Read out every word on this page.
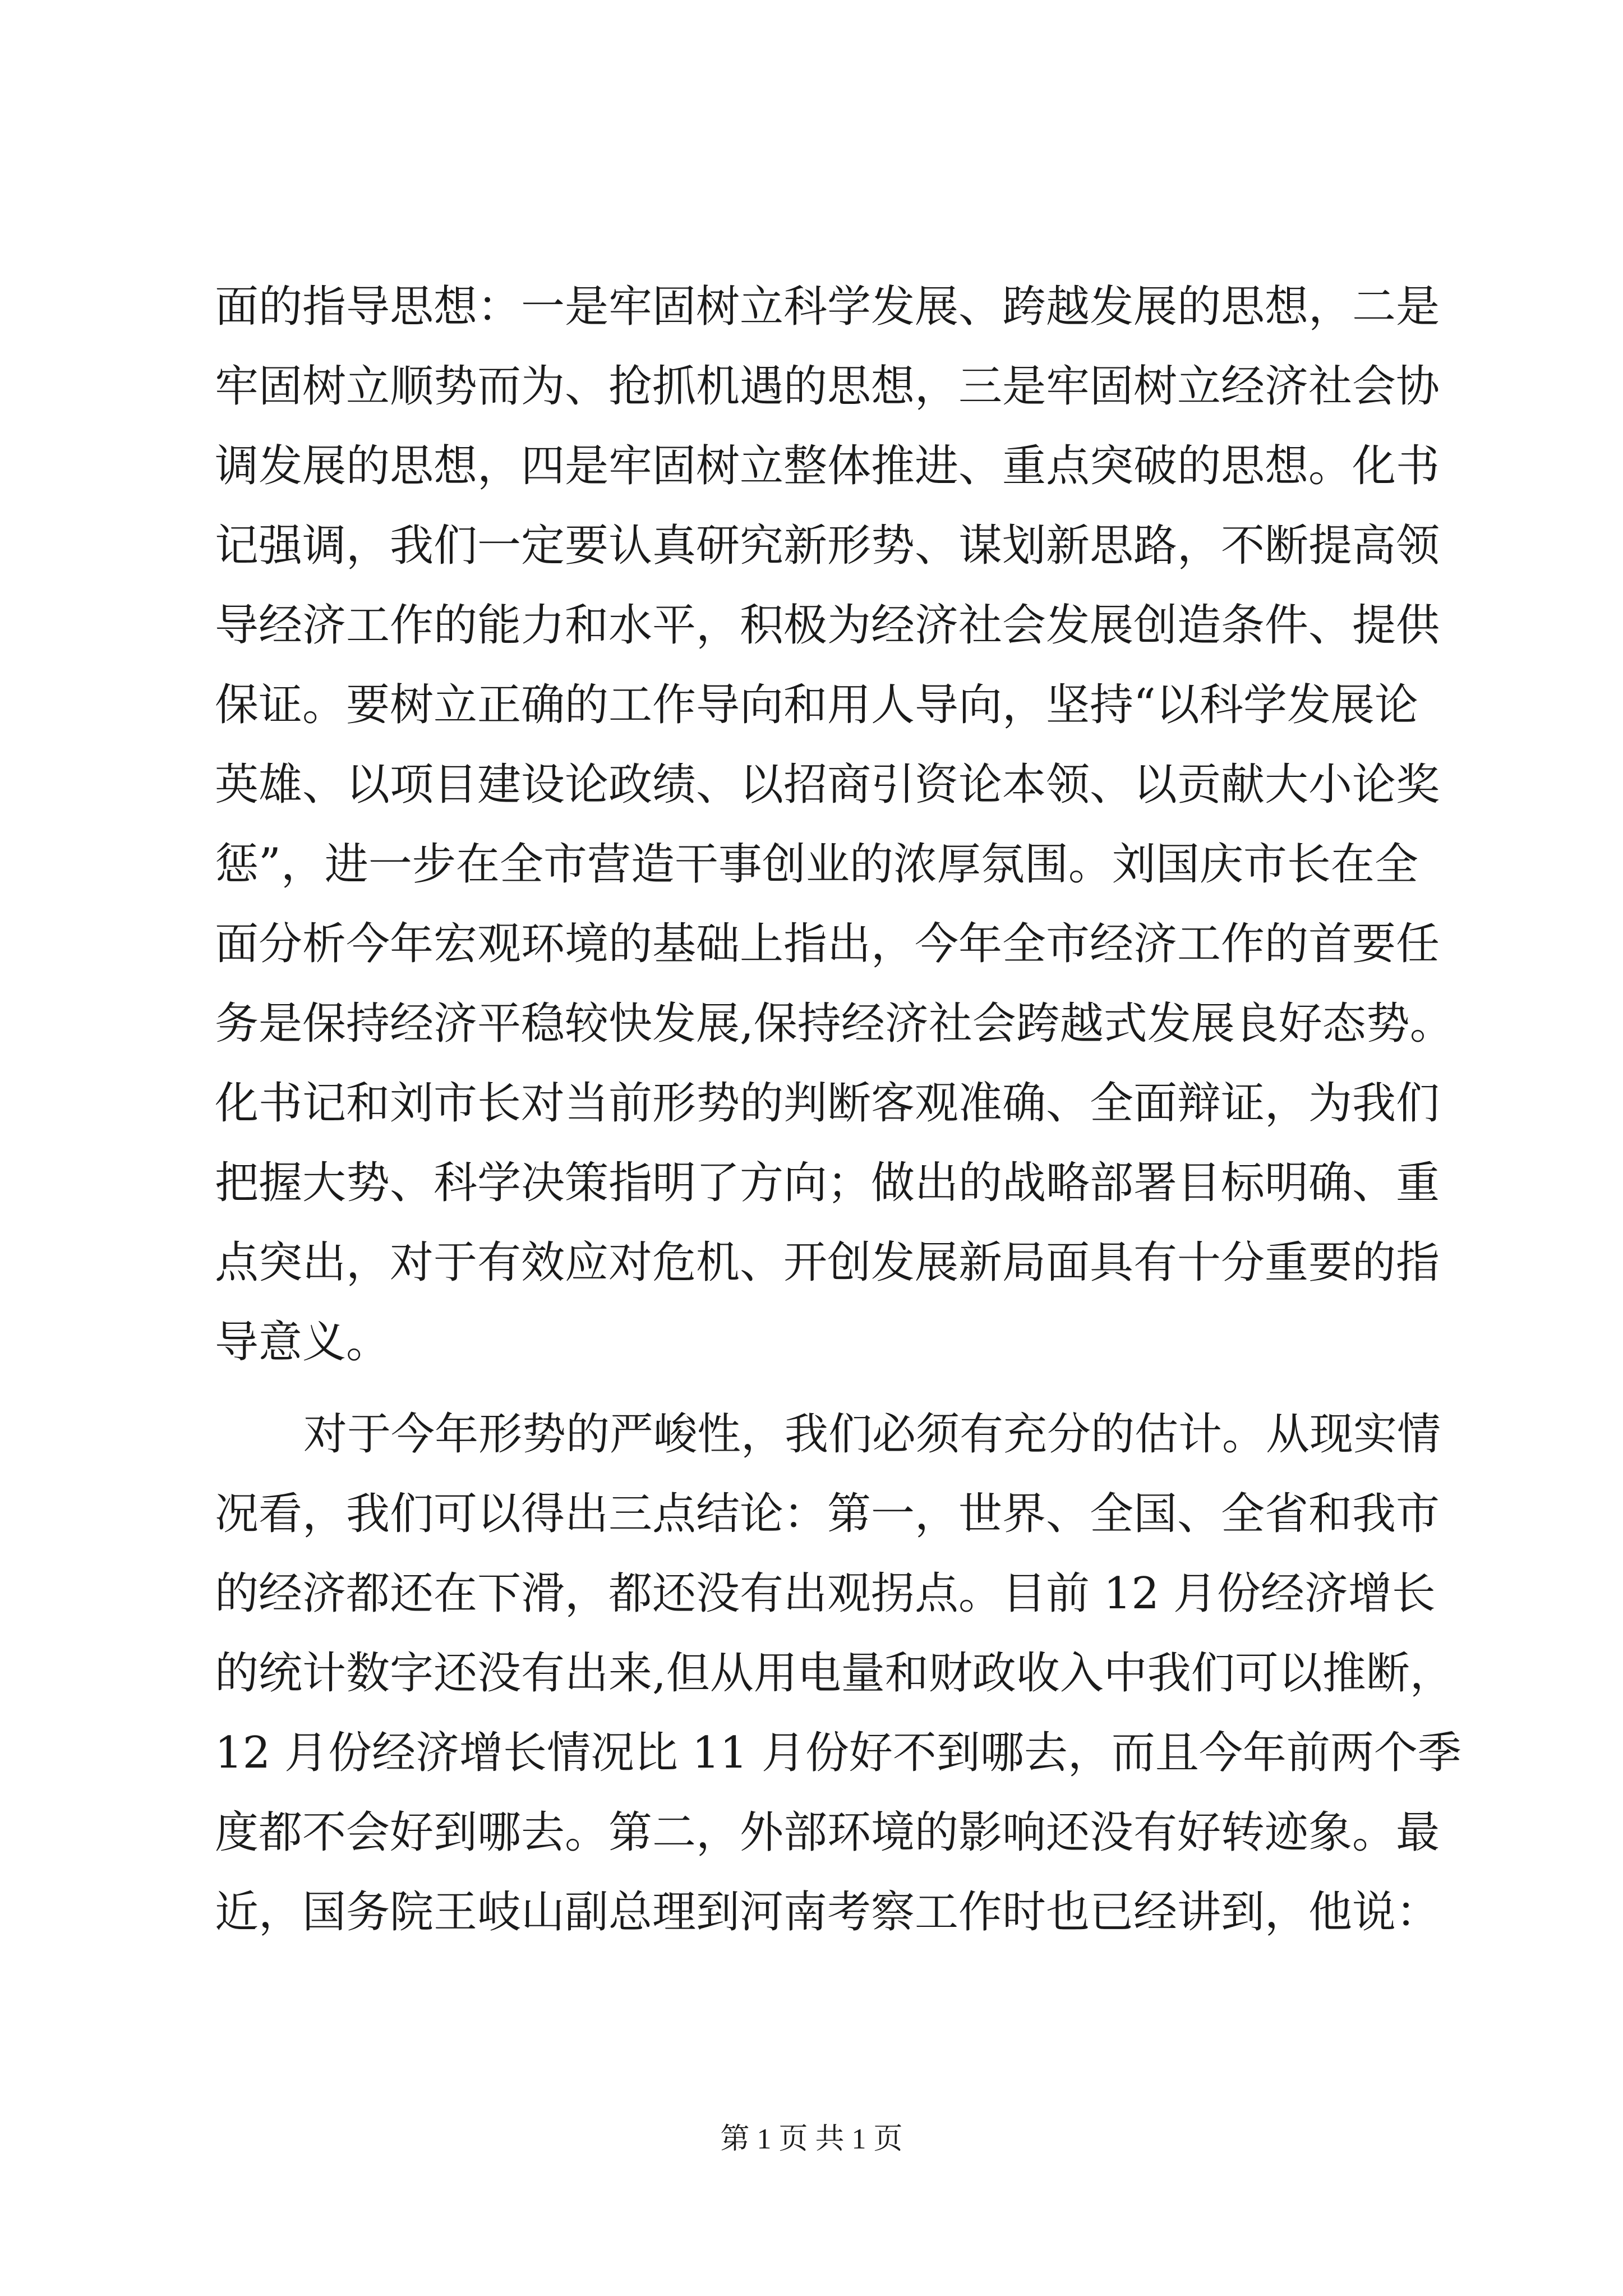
面的指导思想：一是牢固树立科学发展、跨越发展的思想，二是
牢固树立顺势而为、抢抓机遇的思想，三是牢固树立经济社会协
调发展的思想，四是牢固树立整体推进、重点突破的思想。化书
记强调，我们一定要认真研究新形势、谋划新思路，不断提高领
导经济工作的能力和水平，积极为经济社会发展创造条件、提供
保证。要树立正确的工作导向和用人导向，坚持“以科学发展论
英雄、以项目建设论政绩、以招商引资论本领、以贡献大小论奖
惩”，进一步在全市营造干事创业的浓厚氛围。刘国庆市长在全
面分析今年宏观环境的基础上指出，今年全市经济工作的首要任
务是保持经济平稳较快发展,保持经济社会跨越式发展良好态势。
化书记和刘市长对当前形势的判断客观准确、全面辩证，为我们
把握大势、科学决策指明了方向；做出的战略部署目标明确、重
点突出，对于有效应对危机、开创发展新局面具有十分重要的指
导意义。
对于今年形势的严峻性，我们必须有充分的估计。从现实情
况看，我们可以得出三点结论：第一，世界、全国、全省和我市
的经济都还在下滑，都还没有出观拐点。目前 12 月份经济增长
的统计数字还没有出来,但从用电量和财政收入中我们可以推断，
12 月份经济增长情况比 11 月份好不到哪去，而且今年前两个季
度都不会好到哪去。第二，外部环境的影响还没有好转迹象。最
近，国务院王岐山副总理到河南考察工作时也已经讲到，他说：
第 1 页 共 1 页
